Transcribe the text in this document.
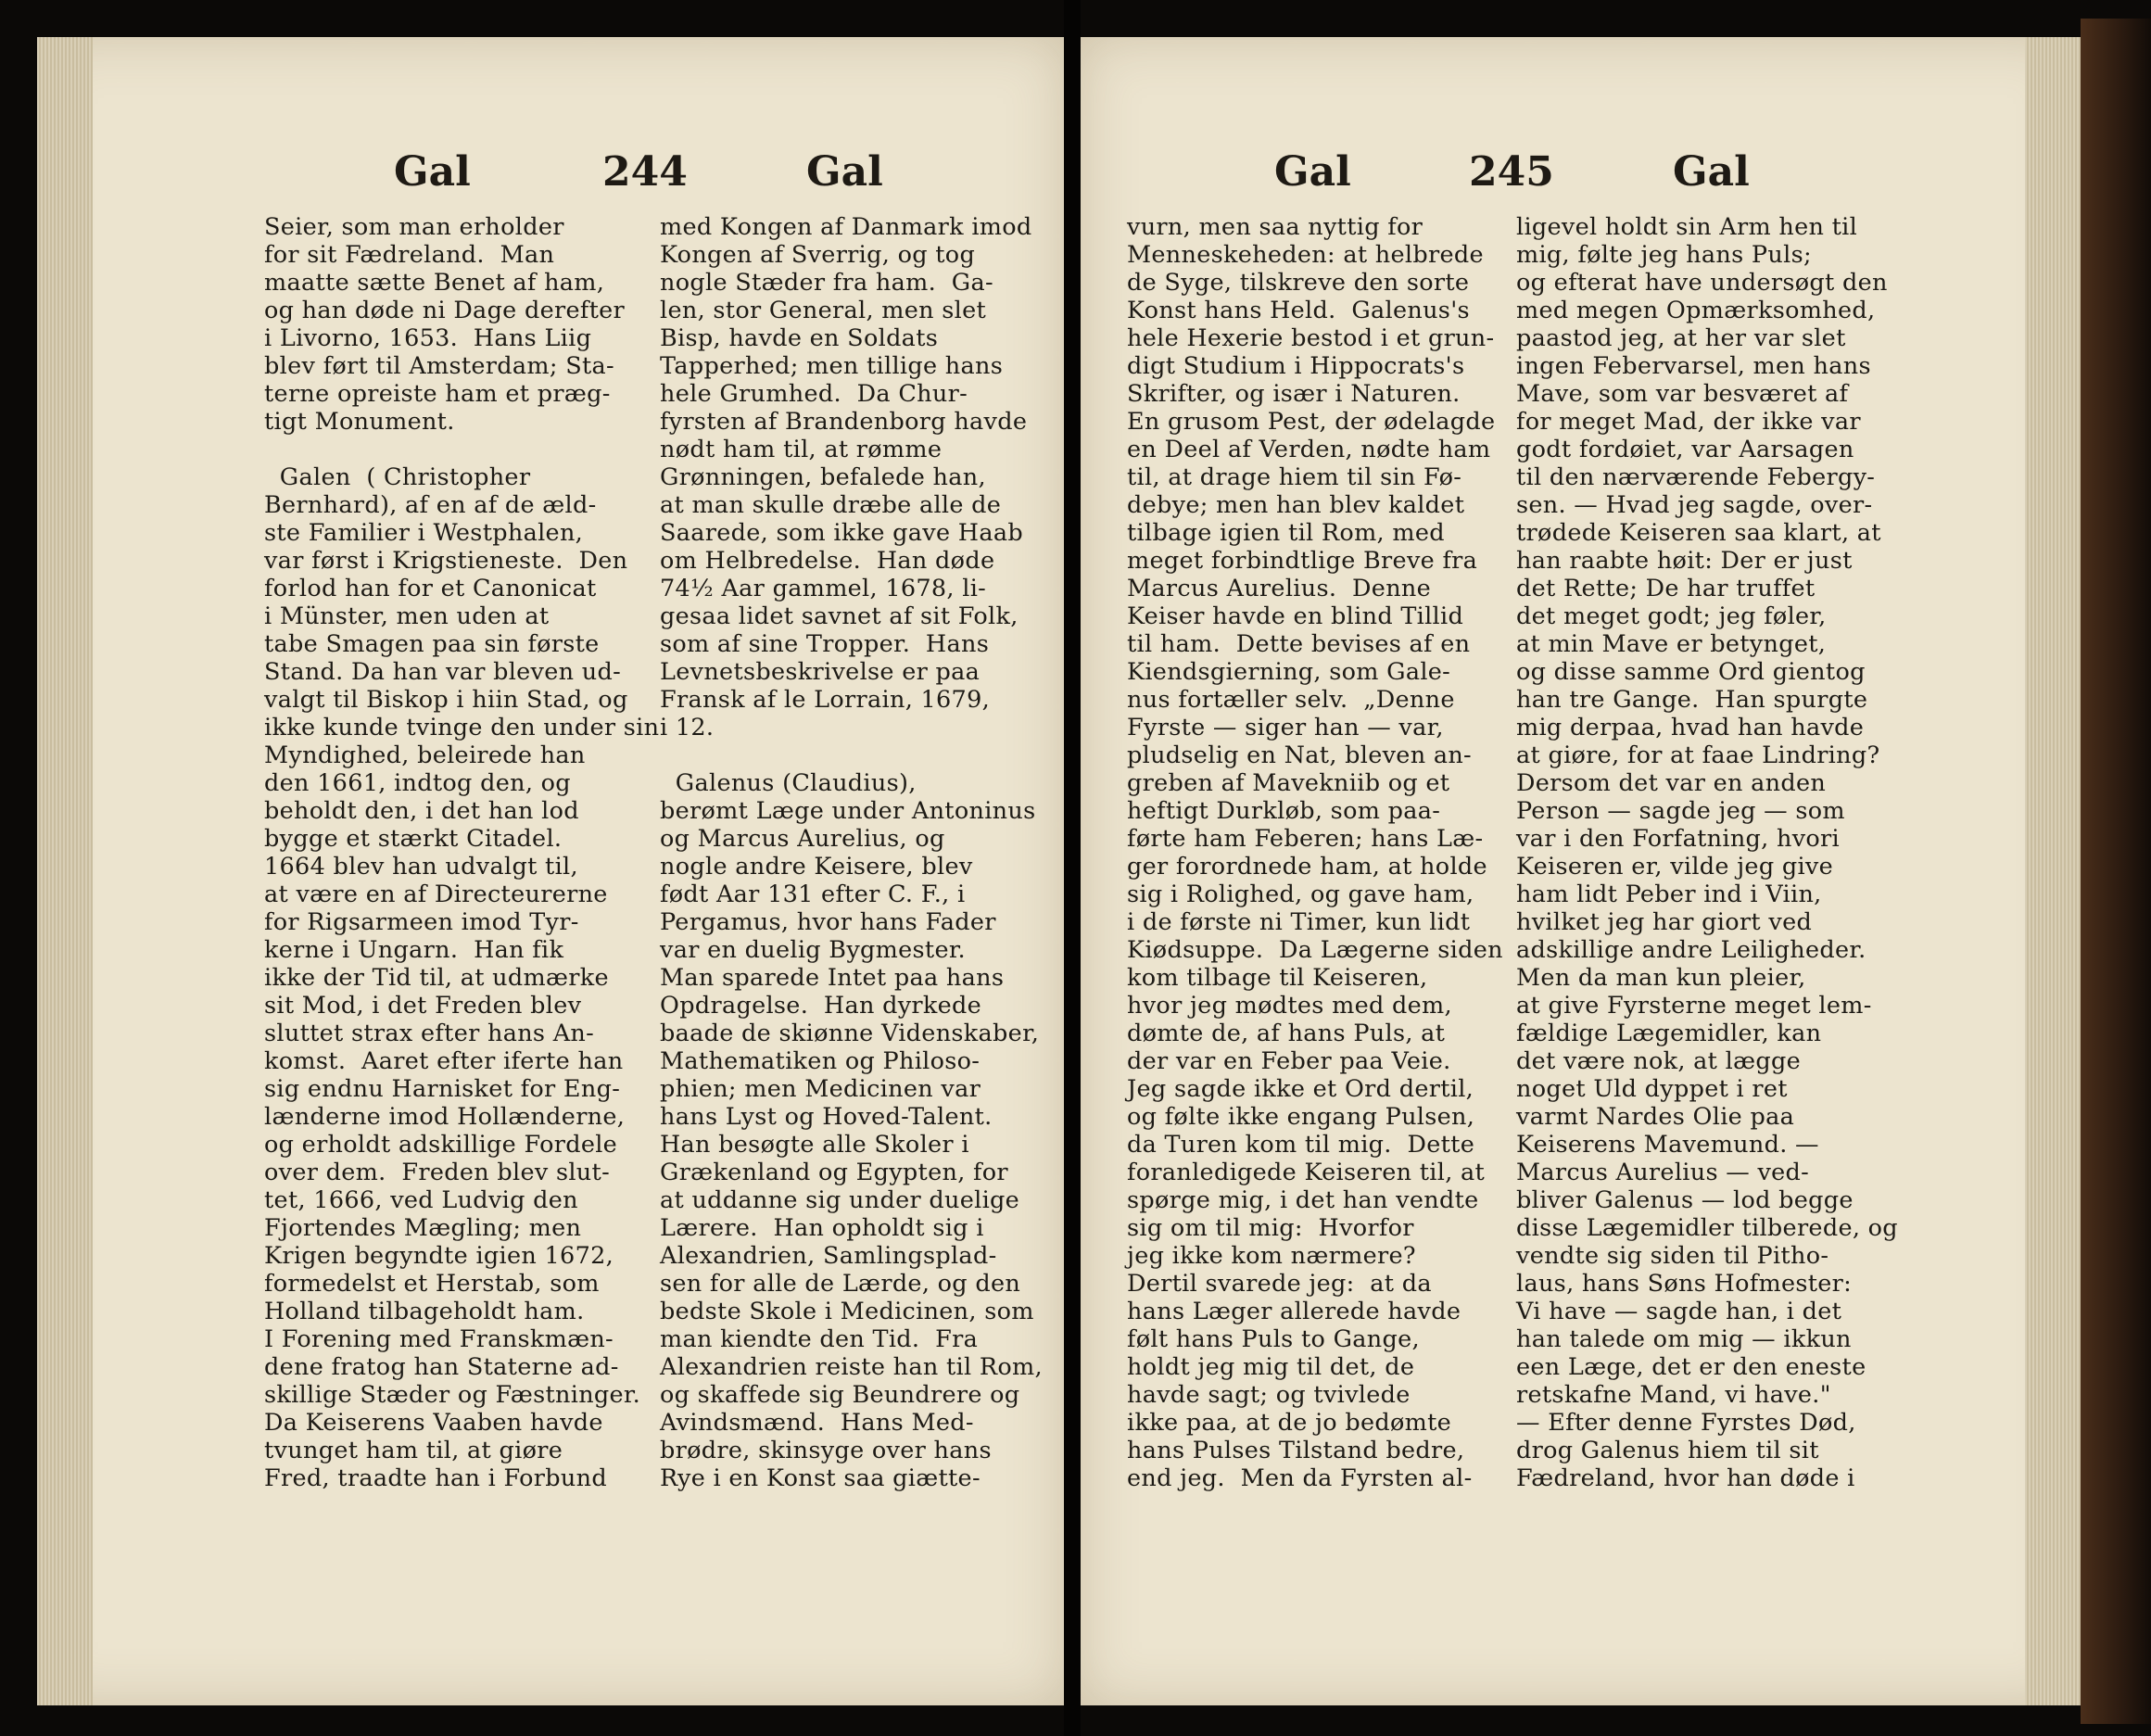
Gal	244	Gal
Seier, som man erholder
for sit Fædreland.  Man
maatte sætte Benet af ham,
og han døde ni Dage derefter
i Livorno, 1653.  Hans Liig
blev ført til Amsterdam; Sta-
terne opreiste ham et præg-
tigt Monument.

Galen  ( Christopher
Bernhard), af en af de æld-
ste Familier i Westphalen,
var først i Krigstieneste.  Den
forlod han for et Canonicat
i Münster, men uden at
tabe Smagen paa sin første
Stand. Da han var bleven ud-
valgt til Biskop i hiin Stad, og
ikke kunde tvinge den under sin
Myndighed, beleirede han
den 1661, indtog den, og
beholdt den, i det han lod
bygge et stærkt Citadel.
1664 blev han udvalgt til,
at være en af Directeurerne
for Rigsarmeen imod Tyr-
kerne i Ungarn.  Han fik
ikke der Tid til, at udmærke
sit Mod, i det Freden blev
sluttet strax efter hans An-
komst.  Aaret efter iferte han
sig endnu Harnisket for Eng-
lænderne imod Hollænderne,
og erholdt adskillige Fordele
over dem.  Freden blev slut-
tet, 1666, ved Ludvig den
Fjortendes Mægling; men
Krigen begyndte igien 1672,
formedelst et Herstab, som
Holland tilbageholdt ham.
I Forening med Franskmæn-
dene fratog han Staterne ad-
skillige Stæder og Fæstninger.
Da Keiserens Vaaben havde
tvunget ham til, at giøre
Fred, traadte han i Forbund
med Kongen af Danmark imod
Kongen af Sverrig, og tog
nogle Stæder fra ham.  Ga-
len, stor General, men slet
Bisp, havde en Soldats
Tapperhed; men tillige hans
hele Grumhed.  Da Chur-
fyrsten af Brandenborg havde
nødt ham til, at rømme
Grønningen, befalede han,
at man skulle dræbe alle de
Saarede, som ikke gave Haab
om Helbredelse.  Han døde
74½ Aar gammel, 1678, li-
gesaa lidet savnet af sit Folk,
som af sine Tropper.  Hans
Levnetsbeskrivelse er paa
Fransk af le Lorrain, 1679,
i 12.

Galenus (Claudius),
berømt Læge under Antoninus
og Marcus Aurelius, og
nogle andre Keisere, blev
født Aar 131 efter C. F., i
Pergamus, hvor hans Fader
var en duelig Bygmester.
Man sparede Intet paa hans
Opdragelse.  Han dyrkede
baade de skiønne Videnskaber,
Mathematiken og Philoso-
phien; men Medicinen var
hans Lyst og Hoved-Talent.
Han besøgte alle Skoler i
Grækenland og Egypten, for
at uddanne sig under duelige
Lærere.  Han opholdt sig i
Alexandrien, Samlingsplad-
sen for alle de Lærde, og den
bedste Skole i Medicinen, som
man kiendte den Tid.  Fra
Alexandrien reiste han til Rom,
og skaffede sig Beundrere og
Avindsmænd.  Hans Med-
brødre, skinsyge over hans
Rye i en Konst saa giætte-
Gal	245	Gal
vurn, men saa nyttig for
Menneskeheden: at helbrede
de Syge, tilskreve den sorte
Konst hans Held.  Galenus's
hele Hexerie bestod i et grun-
digt Studium i Hippocrats's
Skrifter, og især i Naturen.
En grusom Pest, der ødelagde
en Deel af Verden, nødte ham
til, at drage hiem til sin Fø-
debye; men han blev kaldet
tilbage igien til Rom, med
meget forbindtlige Breve fra
Marcus Aurelius.  Denne
Keiser havde en blind Tillid
til ham.  Dette bevises af en
Kiendsgierning, som Gale-
nus fortæller selv.  „Denne
Fyrste — siger han — var,
pludselig en Nat, bleven an-
greben af Mavekniib og et
heftigt Durkløb, som paa-
førte ham Feberen; hans Læ-
ger forordnede ham, at holde
sig i Rolighed, og gave ham,
i de første ni Timer, kun lidt
Kiødsuppe.  Da Lægerne siden
kom tilbage til Keiseren,
hvor jeg mødtes med dem,
dømte de, af hans Puls, at
der var en Feber paa Veie.
Jeg sagde ikke et Ord dertil,
og følte ikke engang Pulsen,
da Turen kom til mig.  Dette
foranledigede Keiseren til, at
spørge mig, i det han vendte
sig om til mig:  Hvorfor
jeg ikke kom nærmere?
Dertil svarede jeg:  at da
hans Læger allerede havde
følt hans Puls to Gange,
holdt jeg mig til det, de
havde sagt; og tvivlede
ikke paa, at de jo bedømte
hans Pulses Tilstand bedre,
end jeg.  Men da Fyrsten al-
ligevel holdt sin Arm hen til
mig, følte jeg hans Puls;
og efterat have undersøgt den
med megen Opmærksomhed,
paastod jeg, at her var slet
ingen Febervarsel, men hans
Mave, som var besværet af
for meget Mad, der ikke var
godt fordøiet, var Aarsagen
til den nærværende Febergy-
sen. — Hvad jeg sagde, over-
trødede Keiseren saa klart, at
han raabte høit: Der er just
det Rette; De har truffet
det meget godt; jeg føler,
at min Mave er betynget,
og disse samme Ord gientog
han tre Gange.  Han spurgte
mig derpaa, hvad han havde
at giøre, for at faae Lindring?
Dersom det var en anden
Person — sagde jeg — som
var i den Forfatning, hvori
Keiseren er, vilde jeg give
ham lidt Peber ind i Viin,
hvilket jeg har giort ved
adskillige andre Leiligheder.
Men da man kun pleier,
at give Fyrsterne meget lem-
fældige Lægemidler, kan
det være nok, at lægge
noget Uld dyppet i ret
varmt Nardes Olie paa
Keiserens Mavemund. —
Marcus Aurelius — ved-
bliver Galenus — lod begge
disse Lægemidler tilberede, og
vendte sig siden til Pitho-
laus, hans Søns Hofmester:
Vi have — sagde han, i det
han talede om mig — ikkun
een Læge, det er den eneste
retskafne Mand, vi have."
— Efter denne Fyrstes Død,
drog Galenus hiem til sit
Fædreland, hvor han døde i
